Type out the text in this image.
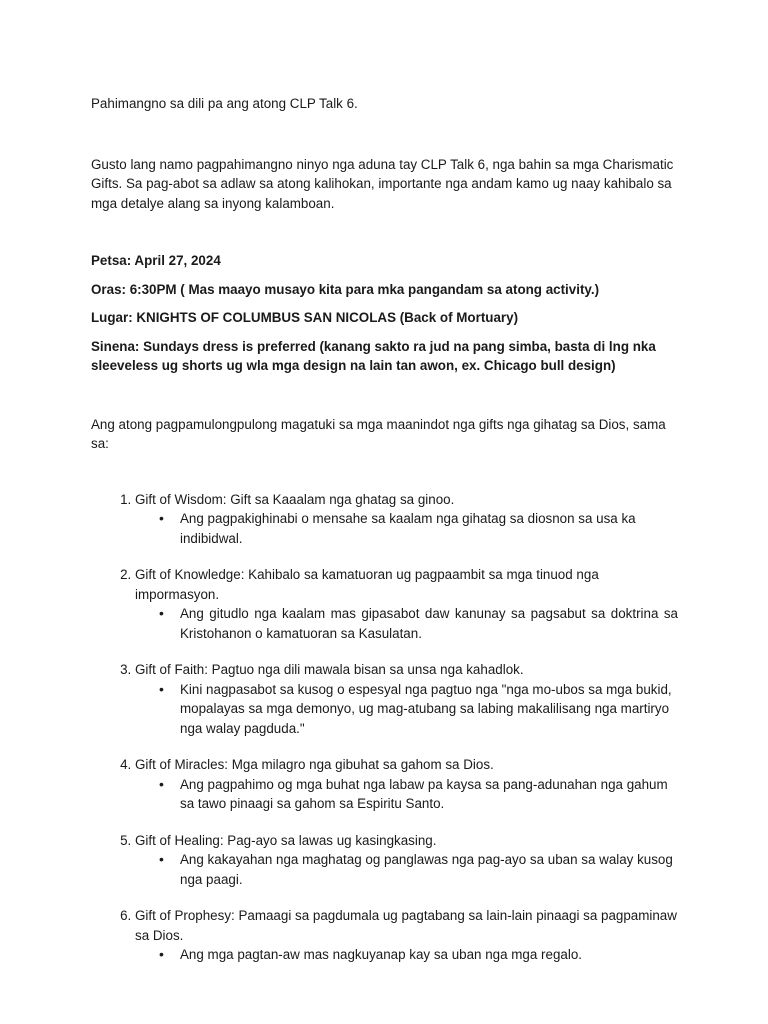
Pahimangno sa dili pa ang atong CLP Talk 6.

Gusto lang namo pagpahimangno ninyo nga aduna tay CLP Talk 6, nga bahin sa mga Charismatic Gifts. Sa pag-abot sa adlaw sa atong kalihokan, importante nga andam kamo ug naay kahibalo sa mga detalye alang sa inyong kalamboan.

Petsa: April 27, 2024

Oras: 6:30PM ( Mas maayo musayo kita para mka pangandam sa atong activity.)

Lugar: KNIGHTS OF COLUMBUS SAN NICOLAS (Back of Mortuary)

Sinena: Sundays dress is preferred (kanang sakto ra jud na pang simba, basta di lng nka sleeveless ug shorts ug wla mga design na lain tan awon, ex. Chicago bull design)

Ang atong pagpamulongpulong magatuki sa mga maanindot nga gifts nga gihatag sa Dios, sama sa:

1. Gift of Wisdom: Gift sa Kaaalam nga ghatag sa ginoo.
• Ang pagpakighinabi o mensahe sa kaalam nga gihatag sa diosnon sa usa ka indibidwal.
2. Gift of Knowledge: Kahibalo sa kamatuoran ug pagpaambit sa mga tinuod nga impormasyon.
• Ang gitudlo nga kaalam mas gipasabot daw kanunay sa pagsabut sa doktrina sa Kristohanon o kamatuoran sa Kasulatan.
3. Gift of Faith: Pagtuo nga dili mawala bisan sa unsa nga kahadlok.
• Kini nagpasabot sa kusog o espesyal nga pagtuo nga "nga mo-ubos sa mga bukid, mopalayas sa mga demonyo, ug mag-atubang sa labing makalilisang nga martiryo nga walay pagduda."
4. Gift of Miracles: Mga milagro nga gibuhat sa gahom sa Dios.
• Ang pagpahimo og mga buhat nga labaw pa kaysa sa pang-adunahan nga gahum sa tawo pinaagi sa gahom sa Espiritu Santo.
5. Gift of Healing: Pag-ayo sa lawas ug kasingkasing.
• Ang kakayahan nga maghatag og panglawas nga pag-ayo sa uban sa walay kusog nga paagi.
6. Gift of Prophesy: Pamaagi sa pagdumala ug pagtabang sa lain-lain pinaagi sa pagpaminaw sa Dios.
• Ang mga pagtan-aw mas nagkuyanap kay sa uban nga mga regalo.
